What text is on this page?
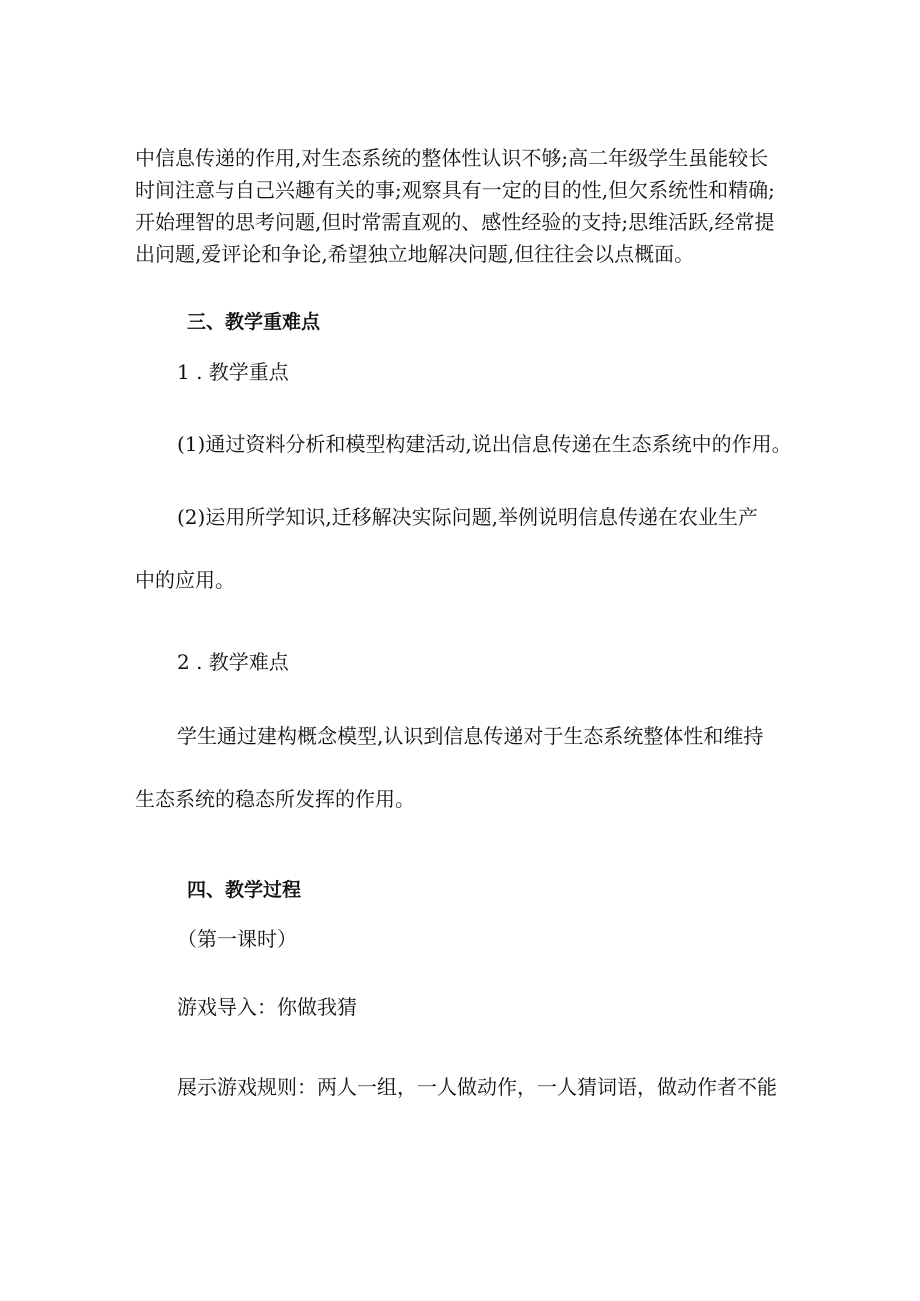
中信息传递的作用,对生态系统的整体性认识不够;高二年级学生虽能较长
时间注意与自己兴趣有关的事;观察具有一定的目的性,但欠系统性和精确;
开始理智的思考问题,但时常需直观的、感性经验的支持;思维活跃,经常提
出问题,爱评论和争论,希望独立地解决问题,但往往会以点概面。
三、教学重难点
1 . 教学重点
(1)通过资料分析和模型构建活动,说出信息传递在生态系统中的作用。
(2)运用所学知识,迁移解决实际问题,举例说明信息传递在农业生产
中的应用。
2 . 教学难点
学生通过建构概念模型,认识到信息传递对于生态系统整体性和维持
生态系统的稳态所发挥的作用。
四、教学过程
（第一课时）
游戏导入：你做我猜
展示游戏规则：两人一组，一人做动作，一人猜词语，做动作者不能
